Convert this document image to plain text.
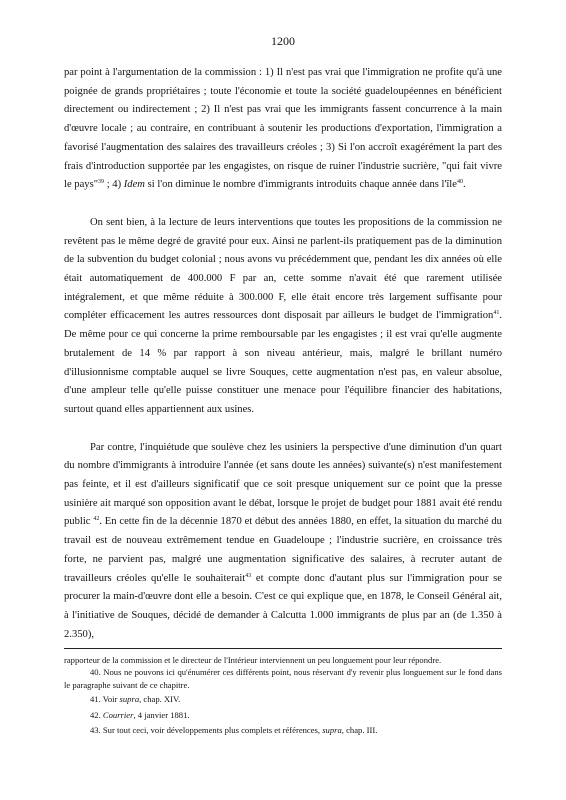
1200

par point à l'argumentation de la commission : 1) Il n'est pas vrai que l'immigration ne profite qu'à une poignée de grands propriétaires ; toute l'économie et toute la société guadeloupéennes en bénéficient directement ou indirectement ; 2) Il n'est pas vrai que les immigrants fassent concurrence à la main d'œuvre locale ; au contraire, en contribuant à soutenir les productions d'exportation, l'immigration a favorisé l'augmentation des salaires des travailleurs créoles ; 3) Si l'on accroît exagérément la part des frais d'introduction supportée par les engagistes, on risque de ruiner l'industrie sucrière, "qui fait vivre le pays"$^{39}$ ; 4) Idem si l'on diminue le nombre d'immigrants introduits chaque année dans l'île$^{40}$.

On sent bien, à la lecture de leurs interventions que toutes les propositions de la commission ne revêtent pas le même degré de gravité pour eux. Ainsi ne parlent-ils pratiquement pas de la diminution de la subvention du budget colonial ; nous avons vu précédemment que, pendant les dix années où elle était automatiquement de 400.000 F par an, cette somme n'avait été que rarement utilisée intégralement, et que même réduite à 300.000 F, elle était encore très largement suffisante pour compléter efficacement les autres ressources dont disposait par ailleurs le budget de l'immigration$^{41}$. De même pour ce qui concerne la prime remboursable par les engagistes ; il est vrai qu'elle augmente brutalement de 14 % par rapport à son niveau antérieur, mais, malgré le brillant numéro d'illusionnisme comptable auquel se livre Souques, cette augmentation n'est pas, en valeur absolue, d'une ampleur telle qu'elle puisse constituer une menace pour l'équilibre financier des habitations, surtout quand elles appartiennent aux usines.

Par contre, l'inquiétude que soulève chez les usiniers la perspective d'une diminution d'un quart du nombre d'immigrants à introduire l'année (et sans doute les années) suivante(s) n'est manifestement pas feinte, et il est d'ailleurs significatif que ce soit presque uniquement sur ce point que la presse usinière ait marqué son opposition avant le débat, lorsque le projet de budget pour 1881 avait été rendu public $^{42}$. En cette fin de la décennie 1870 et début des années 1880, en effet, la situation du marché du travail est de nouveau extrêmement tendue en Guadeloupe ; l'industrie sucrière, en croissance très forte, ne parvient pas, malgré une augmentation significative des salaires, à recruter autant de travailleurs créoles qu'elle le souhaiterait$^{43}$ et compte donc d'autant plus sur l'immigration pour se procurer la main-d'œuvre dont elle a besoin. C'est ce qui explique que, en 1878, le Conseil Général ait, à l'initiative de Souques, décidé de demander à Calcutta 1.000 immigrants de plus par an (de 1.350 à 2.350),

rapporteur de la commission et le directeur de l'Intérieur interviennent un peu longuement pour leur répondre.

40. Nous ne pouvons ici qu'énumérer ces différents point, nous réservant d'y revenir plus longuement sur le fond dans le paragraphe suivant de ce chapitre.

41. Voir supra, chap. XIV.

42. Courrier, 4 janvier 1881.

43. Sur tout ceci, voir développements plus complets et références, supra, chap. III.
